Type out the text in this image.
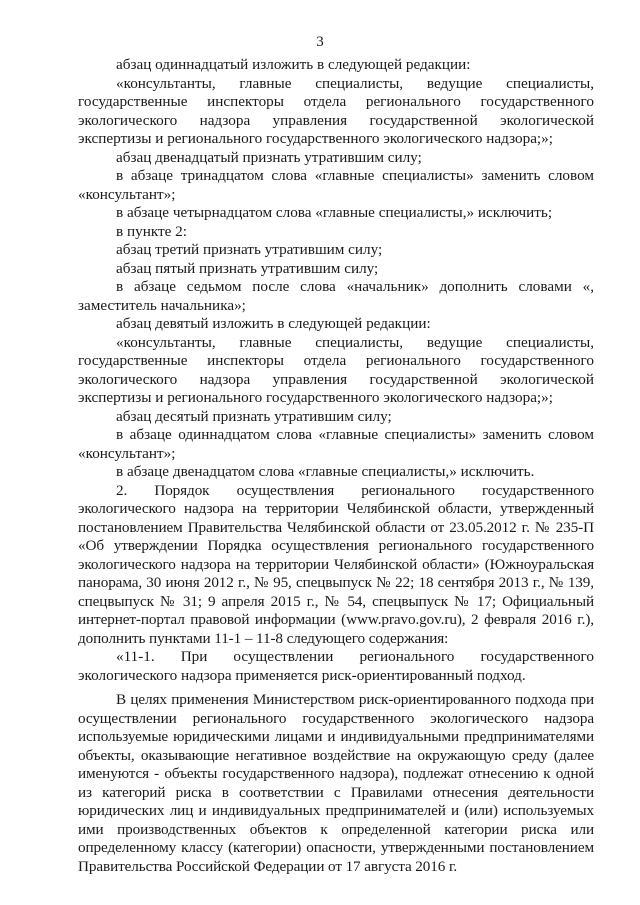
3

абзац одиннадцатый изложить в следующей редакции:

«консультанты, главные специалисты, ведущие специалисты, государственные инспекторы отдела регионального государственного экологического надзора управления государственной экологической экспертизы и регионального государственного экологического надзора;»;

абзац двенадцатый признать утратившим силу;

в абзаце тринадцатом слова «главные специалисты» заменить словом «консультант»;

в абзаце четырнадцатом слова «главные специалисты,» исключить;

в пункте 2:

абзац третий признать утратившим силу;

абзац пятый признать утратившим силу;

в абзаце седьмом после слова «начальник» дополнить словами «, заместитель начальника»;

абзац девятый изложить в следующей редакции:

«консультанты, главные специалисты, ведущие специалисты, государственные инспекторы отдела регионального государственного экологического надзора управления государственной экологической экспертизы и регионального государственного экологического надзора;»;

абзац десятый признать утратившим силу;

в абзаце одиннадцатом слова «главные специалисты» заменить словом «консультант»;

в абзаце двенадцатом слова «главные специалисты,» исключить.

2. Порядок осуществления регионального государственного экологического надзора на территории Челябинской области, утвержденный постановлением Правительства Челябинской области от 23.05.2012 г. № 235-П «Об утверждении Порядка осуществления регионального государственного экологического надзора на территории Челябинской области» (Южноуральская панорама, 30 июня 2012 г., № 95, спецвыпуск № 22; 18 сентября 2013 г., № 139, спецвыпуск № 31; 9 апреля 2015 г., № 54, спецвыпуск № 17; Официальный интернет-портал правовой информации (www.pravo.gov.ru), 2 февраля 2016 г.), дополнить пунктами 11-1 – 11-8 следующего содержания:

«11-1. При осуществлении регионального государственного экологического надзора применяется риск-ориентированный подход.

В целях применения Министерством риск-ориентированного подхода при осуществлении регионального государственного экологического надзора используемые юридическими лицами и индивидуальными предпринимателями объекты, оказывающие негативное воздействие на окружающую среду (далее именуются - объекты государственного надзора), подлежат отнесению к одной из категорий риска в соответствии с Правилами отнесения деятельности юридических лиц и индивидуальных предпринимателей и (или) используемых ими производственных объектов к определенной категории риска или определенному классу (категории) опасности, утвержденными постановлением Правительства Российской Федерации от 17 августа 2016 г.
